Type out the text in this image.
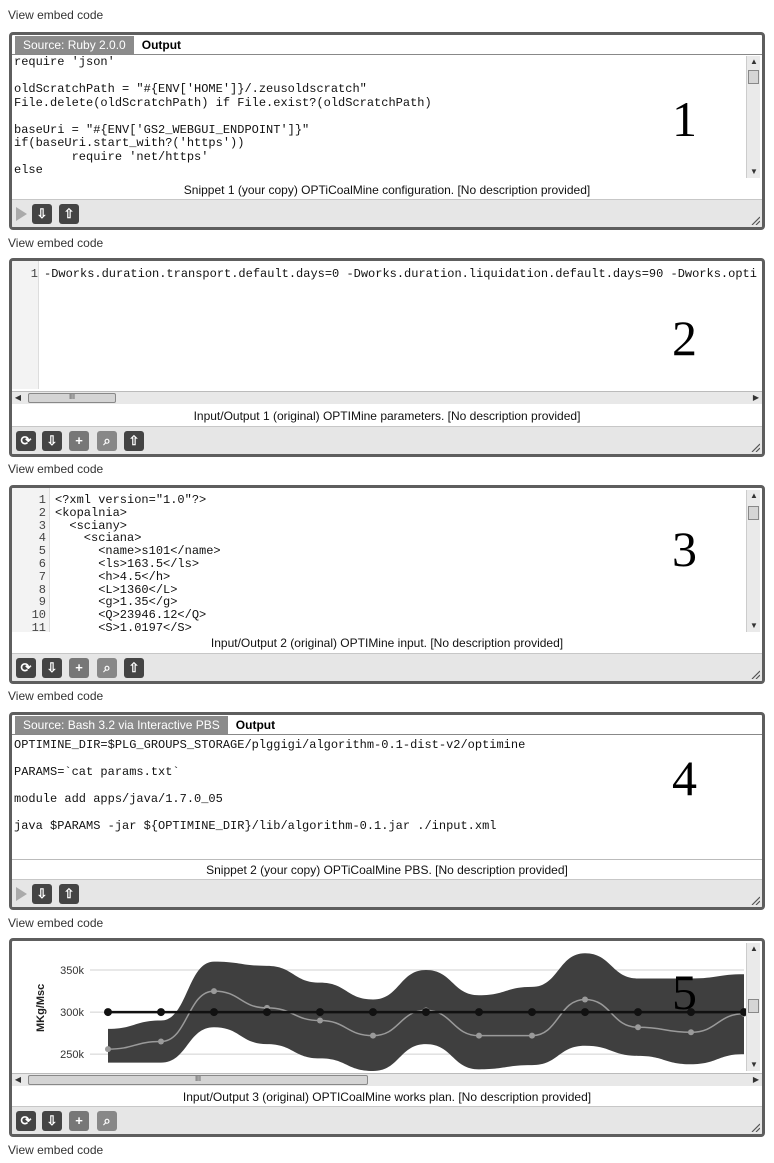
View embed code
Source: Ruby 2.0.0	Output
require 'json'

oldScratchPath = "#{ENV['HOME']}/.zeusoldscratch"
File.delete(oldScratchPath) if File.exist?(oldScratchPath)

baseUri = "#{ENV['GS2_WEBGUI_ENDPOINT']}"
if(baseUri.start_with?('https'))
require 'net/https'
else
▲
▼
1
Snippet 1 (your copy) OPTiCoalMine configuration. [No description provided]
⇩	⇧
View embed code
1 -Dworks.duration.transport.default.days=0 -Dworks.duration.liquidation.default.days=90 -Dworks.opti
2
◀	III	▶
Input/Output 1 (original) OPTIMine parameters. [No description provided]
⟳	⇩	+	⌕	⇧
View embed code
1
2
3
4
5
6
7
8
9
10
11
<?xml version="1.0"?>
<kopalnia>
<sciany>
<sciana>
<name>s101</name>
<ls>163.5</ls>
<h>4.5</h>
<L>1360</L>
<g>1.35</g>
<Q>23946.12</Q>
<S>1.0197</S>
▲
▼
3
Input/Output 2 (original) OPTIMine input. [No description provided]
⟳	⇩	+	⌕	⇧
View embed code
Source: Bash 3.2 via Interactive PBS	Output
OPTIMINE_DIR=$PLG_GROUPS_STORAGE/plggigi/algorithm-0.1-dist-v2/optimine

PARAMS=`cat params.txt`

module add apps/java/1.7.0_05

java $PARAMS -jar ${OPTIMINE_DIR}/lib/algorithm-0.1.jar ./input.xml
4
Snippet 2 (your copy) OPTiCoalMine PBS. [No description provided]
⇩	⇧
View embed code
350k
300k
250k
MKg/Msc
▲
▼
5
◀	III	▶
Input/Output 3 (original) OPTICoalMine works plan. [No description provided]
⟳	⇩	+	⌕
View embed code
